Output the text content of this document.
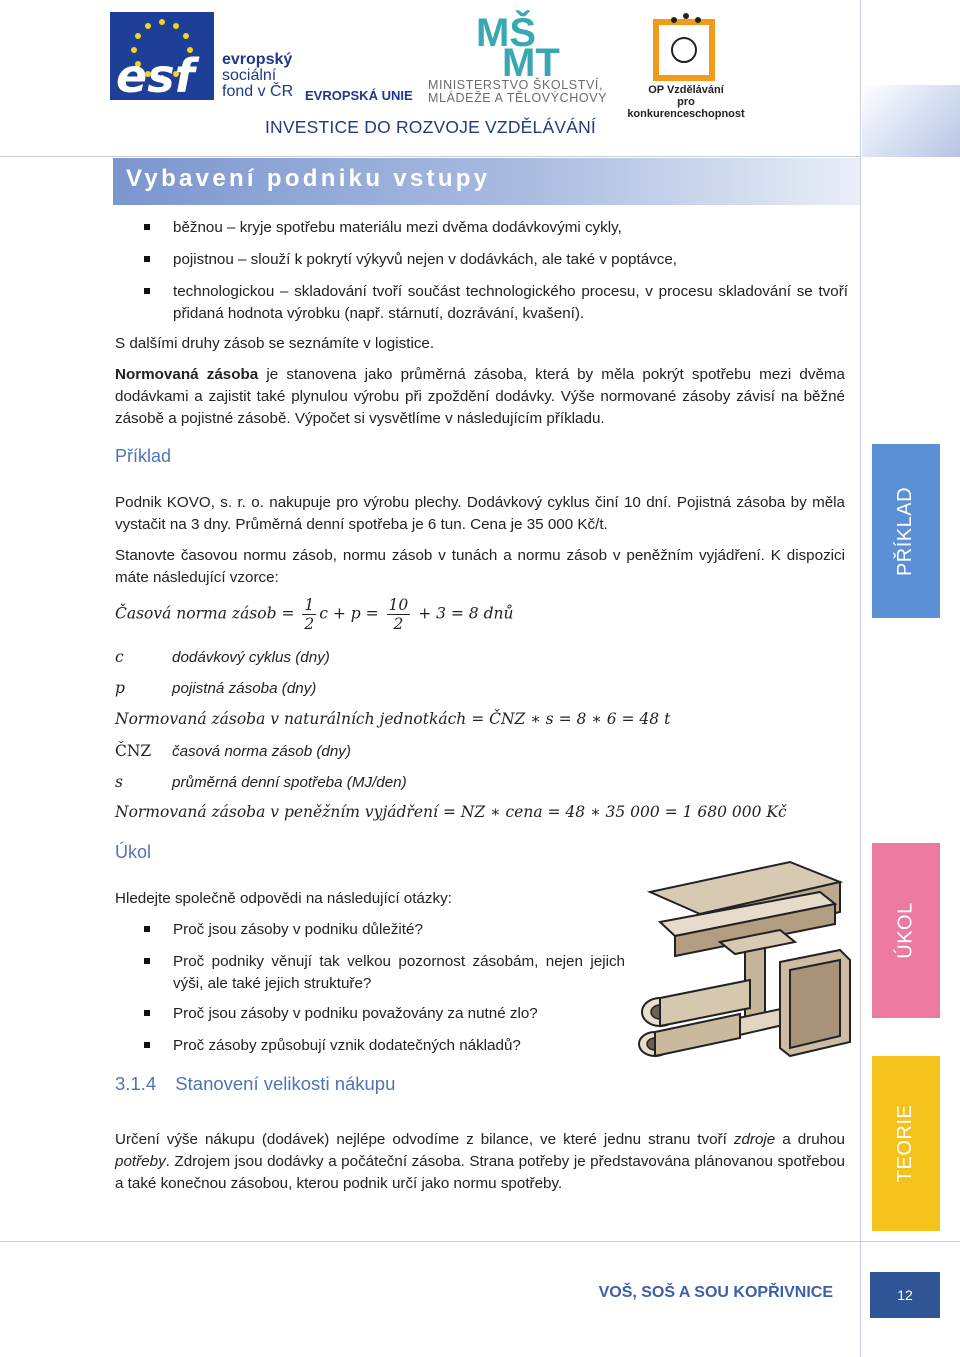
esf	evropský
sociální
fond v ČR EVROPSKÁ UNIE
MŠ
MT
MINISTERSTVO ŠKOLSTVÍ,
MLÁDEŽE A TĚLOVÝCHOVY
OP Vzdělávání
pro konkurenceschopnost
INVESTICE DO ROZVOJE VZDĚLÁVÁNÍ
Vybavení podniku vstupy
běžnou – kryje spotřebu materiálu mezi dvěma dodávkovými cykly,
pojistnou – slouží k pokrytí výkyvů nejen v dodávkách, ale také v poptávce,
technologickou – skladování tvoří součást technologického procesu, v procesu skladování se tvoří přidaná hodnota výrobku (např. stárnutí, dozrávání, kvašení).
S dalšími druhy zásob se seznámíte v logistice.
Normovaná zásoba je stanovena jako průměrná zásoba, která by měla pokrýt spotřebu mezi dvěma dodávkami a zajistit také plynulou výrobu při zpoždění dodávky. Výše normované zásoby závisí na běžné zásobě a pojistné zásobě. Výpočet si vysvětlíme v následujícím příkladu.
Příklad
PŘÍKLAD
Podnik KOVO, s. r. o. nakupuje pro výrobu plechy. Dodávkový cyklus činí 10 dní. Pojistná zásoba by měla vystačit na 3 dny. Průměrná denní spotřeba je 6 tun. Cena je 35 000 Kč/t.
Stanovte časovou normu zásob, normu zásob v tunách a normu zásob v peněžním vyjádření. K dispozici máte následující vzorce:
Časová norma zásob = $\frac{1}{2}$ $c + p = \frac{10}{2} + 3 = 8$ dnů
c	dodávkový cyklus (dny)
p	pojistná zásoba (dny)
Normovaná zásoba v naturálních jednotkách = ČNZ ∗ s = 8 ∗ 6 = 48 t
ČNZ časová norma zásob (dny)
s	průměrná denní spotřeba (MJ/den)
Normovaná zásoba v peněžním vyjádření = NZ ∗ cena = 48 ∗ 35 000 = 1 680 000 Kč
Úkol
ÚKOL
Hledejte společně odpovědi na následující otázky:
Proč jsou zásoby v podniku důležité?
Proč podniky věnují tak velkou pozornost zásobám, nejen jejich výši, ale také jejich struktuře?
Proč jsou zásoby v podniku považovány za nutné zlo?
Proč zásoby způsobují vznik dodatečných nákladů?
3.1.4 Stanovení velikosti nákupu
TEORIE
Určení výše nákupu (dodávek) nejlépe odvodíme z bilance, ve které jednu stranu tvoří zdroje a druhou potřeby. Zdrojem jsou dodávky a počáteční zásoba. Strana potřeby je představována plánovanou spotřebou a také konečnou zásobou, kterou podnik určí jako normu spotřeby.
VOŠ, SOŠ A SOU KOPŘIVNICE	12
